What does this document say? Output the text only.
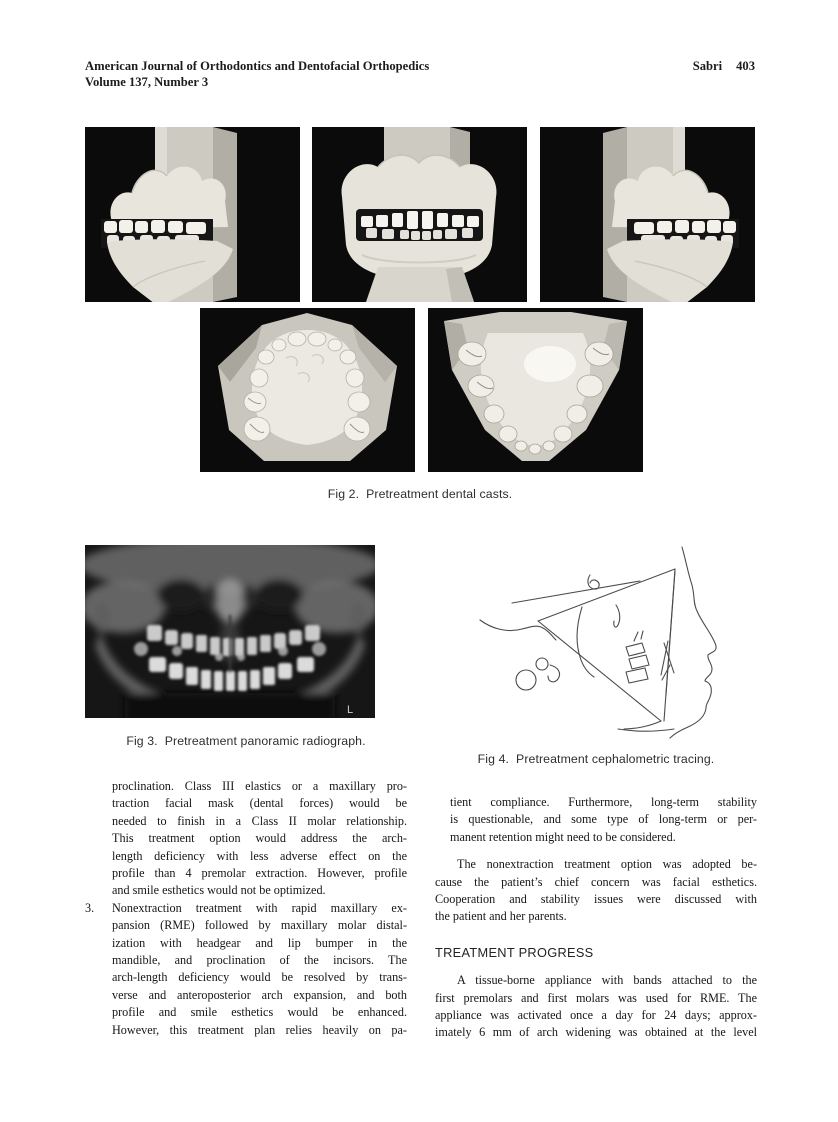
American Journal of Orthodontics and Dentofacial Orthopedics
Volume 137, Number 3
Sabri 403
Fig 2. Pretreatment dental casts.
L
Fig 3. Pretreatment panoramic radiograph.
Fig 4. Pretreatment cephalometric tracing.
proclination. Class III elastics or a maxillary pro-
traction facial mask (dental forces) would be
needed to finish in a Class II molar relationship.
This treatment option would address the arch-
length deficiency with less adverse effect on the
profile than 4 premolar extraction. However, profile
and smile esthetics would not be optimized.
3.	Nonextraction treatment with rapid maxillary ex-
pansion (RME) followed by maxillary molar distal-
ization with headgear and lip bumper in the
mandible, and proclination of the incisors. The
arch-length deficiency would be resolved by trans-
verse and anteroposterior arch expansion, and both
profile and smile esthetics would be enhanced.
However, this treatment plan relies heavily on pa-
tient compliance. Furthermore, long-term stability
is questionable, and some type of long-term or per-
manent retention might need to be considered.
The nonextraction treatment option was adopted be-
cause the patient’s chief concern was facial esthetics.
Cooperation and stability issues were discussed with
the patient and her parents.
TREATMENT PROGRESS
A tissue-borne appliance with bands attached to the
first premolars and first molars was used for RME. The
appliance was activated once a day for 24 days; approx-
imately 6 mm of arch widening was obtained at the level
